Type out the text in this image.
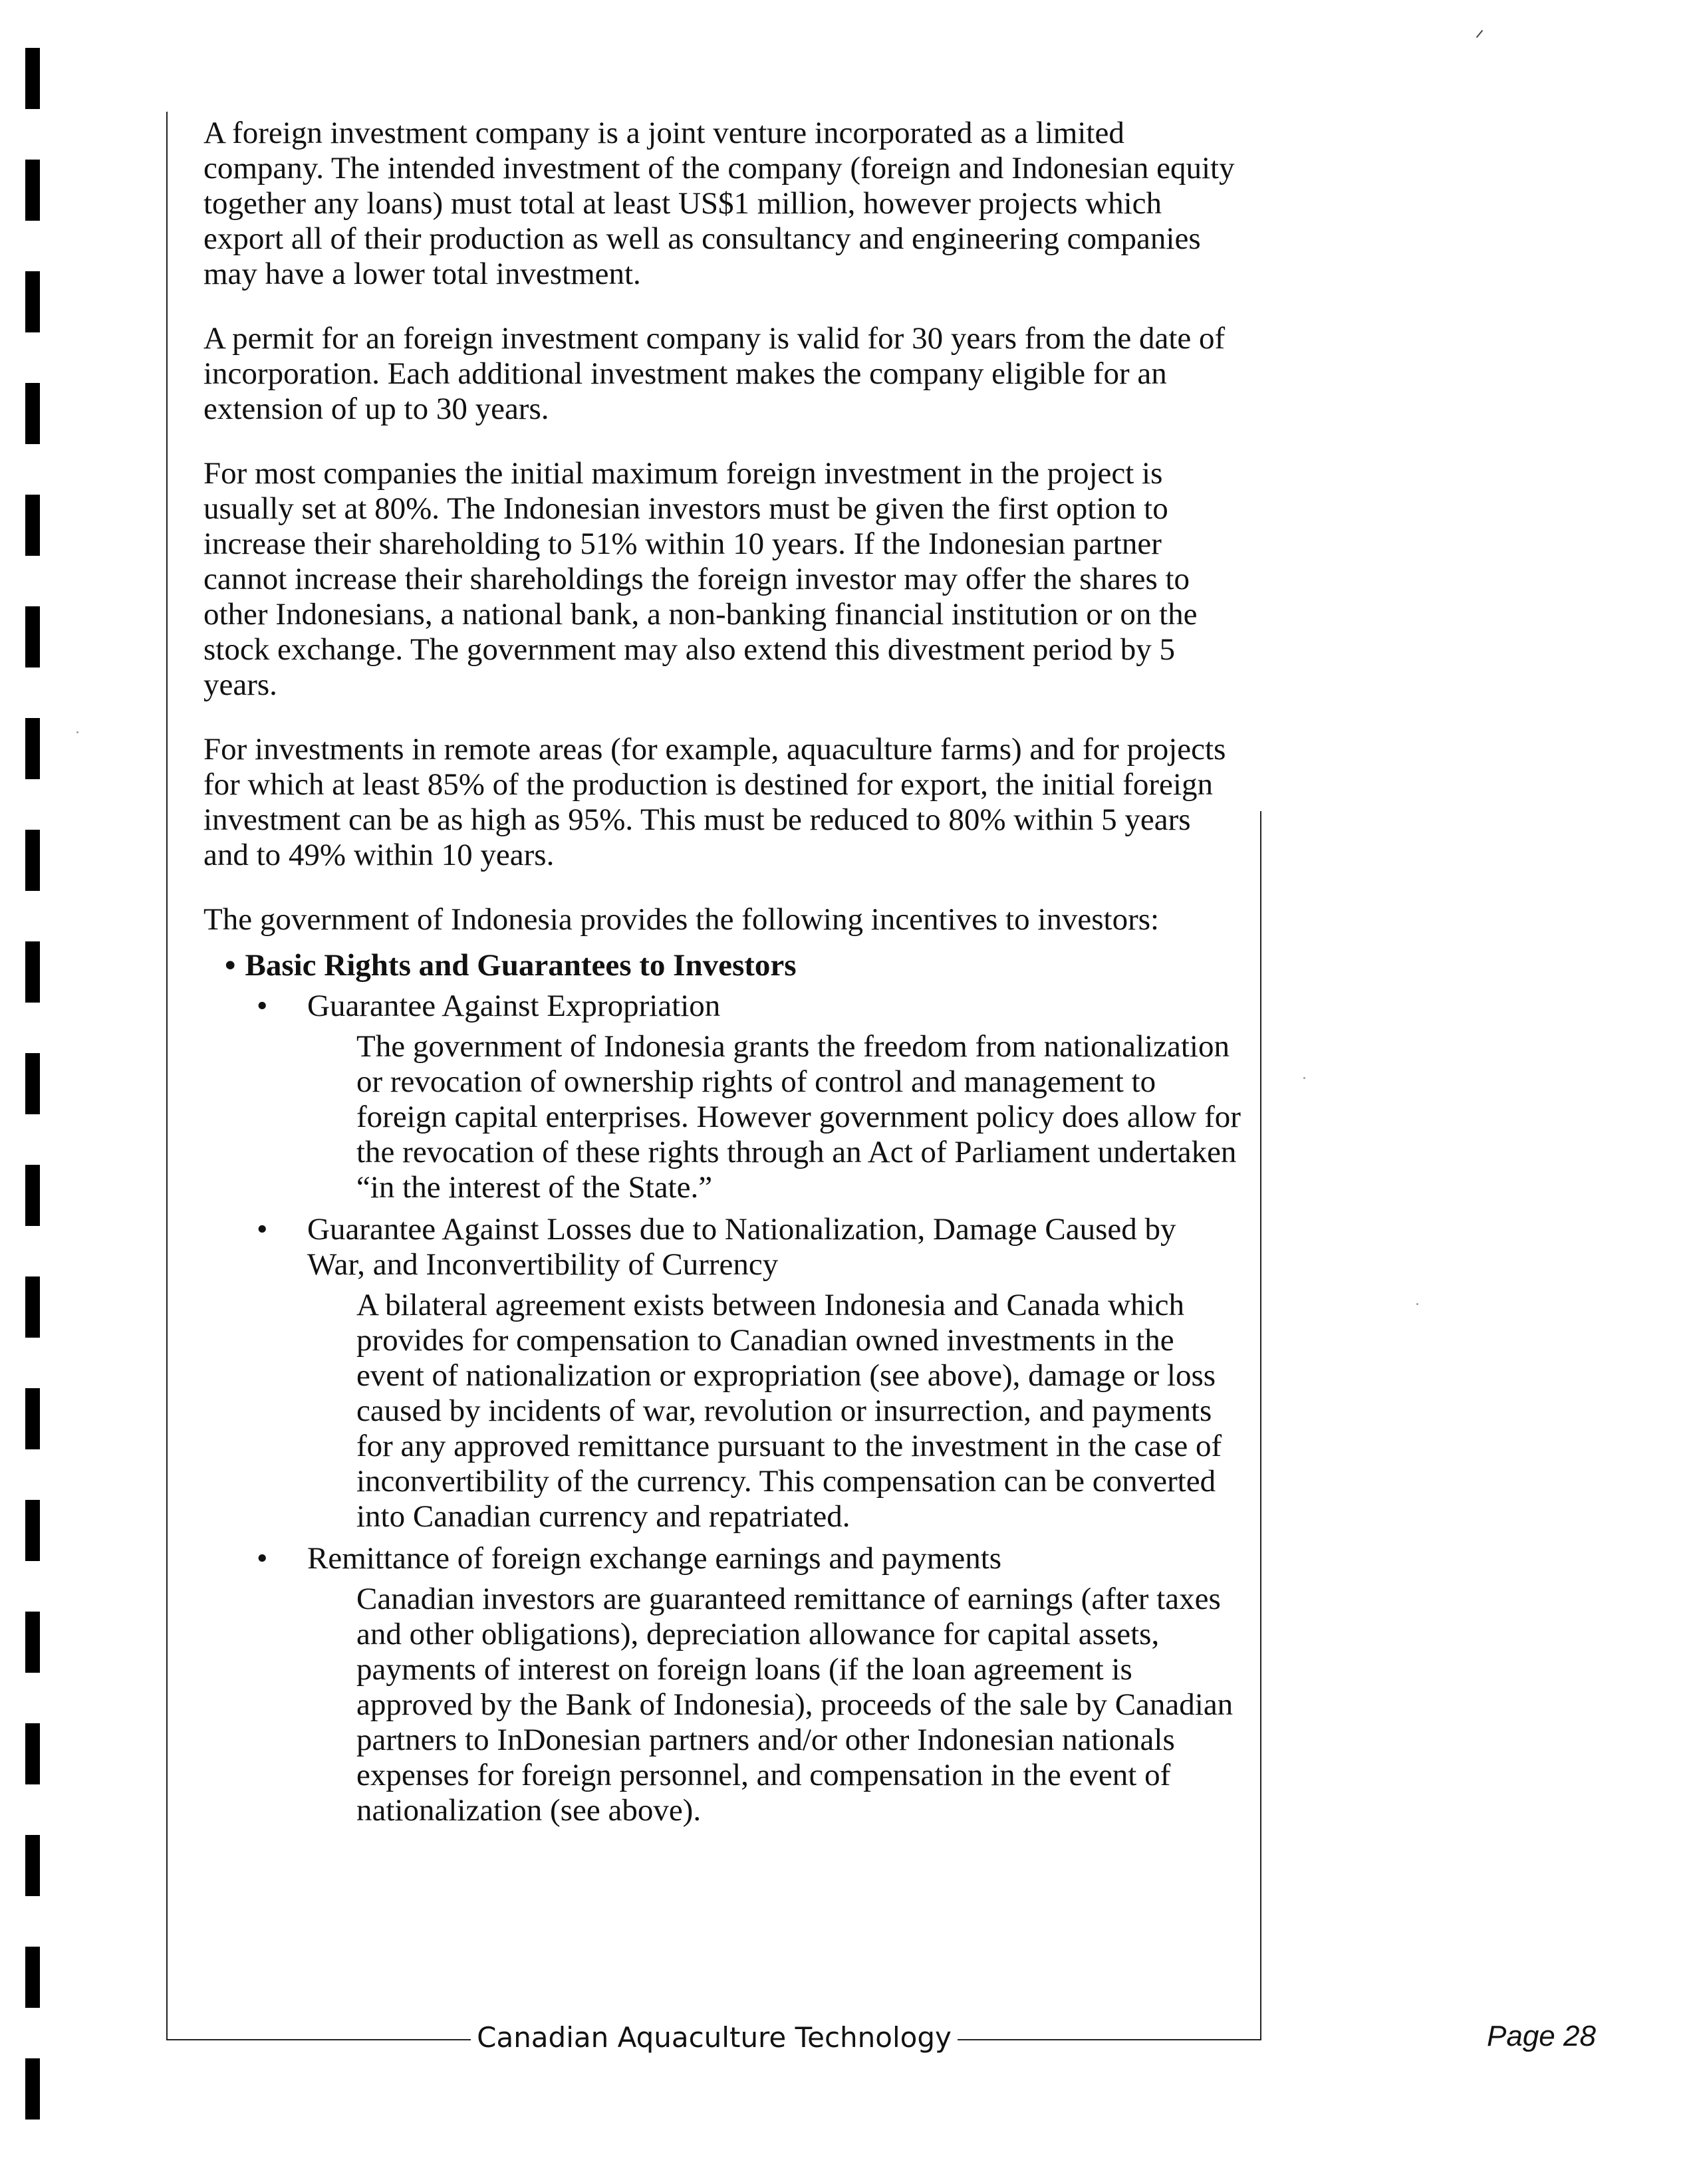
A foreign investment company is a joint venture incorporated as a limited company. The intended investment of the company (foreign and Indonesian equity together any loans) must total at least US$1 million, however projects which export all of their production as well as consultancy and engineering companies may have a lower total investment.

A permit for an foreign investment company is valid for 30 years from the date of incorporation. Each additional investment makes the company eligible for an extension of up to 30 years.

For most companies the initial maximum foreign investment in the project is usually set at 80%. The Indonesian investors must be given the first option to increase their shareholding to 51% within 10 years. If the Indonesian partner cannot increase their shareholdings the foreign investor may offer the shares to other Indonesians, a national bank, a non-banking financial institution or on the stock exchange. The government may also extend this divestment period by 5 years.

For investments in remote areas (for example, aquaculture farms) and for projects for which at least 85% of the production is destined for export, the initial foreign investment can be as high as 95%. This must be reduced to 80% within 5 years and to 49% within 10 years.

The government of Indonesia provides the following incentives to investors:

• Basic Rights and Guarantees to Investors
• Guarantee Against Expropriation
The government of Indonesia grants the freedom from nationalization or revocation of ownership rights of control and management to foreign capital enterprises. However government policy does allow for the revocation of these rights through an Act of Parliament undertaken “in the interest of the State.”
• Guarantee Against Losses due to Nationalization, Damage Caused by War, and Inconvertibility of Currency
A bilateral agreement exists between Indonesia and Canada which provides for compensation to Canadian owned investments in the event of nationalization or expropriation (see above), damage or loss caused by incidents of war, revolution or insurrection, and payments for any approved remittance pursuant to the investment in the case of inconvertibility of the currency. This compensation can be converted into Canadian currency and repatriated.
• Remittance of foreign exchange earnings and payments
Canadian investors are guaranteed remittance of earnings (after taxes and other obligations), depreciation allowance for capital assets, payments of interest on foreign loans (if the loan agreement is approved by the Bank of Indonesia), proceeds of the sale by Canadian partners to InDonesian partners and/or other Indonesian nationals expenses for foreign personnel, and compensation in the event of nationalization (see above).
Canadian Aquaculture Technology	Page 28
